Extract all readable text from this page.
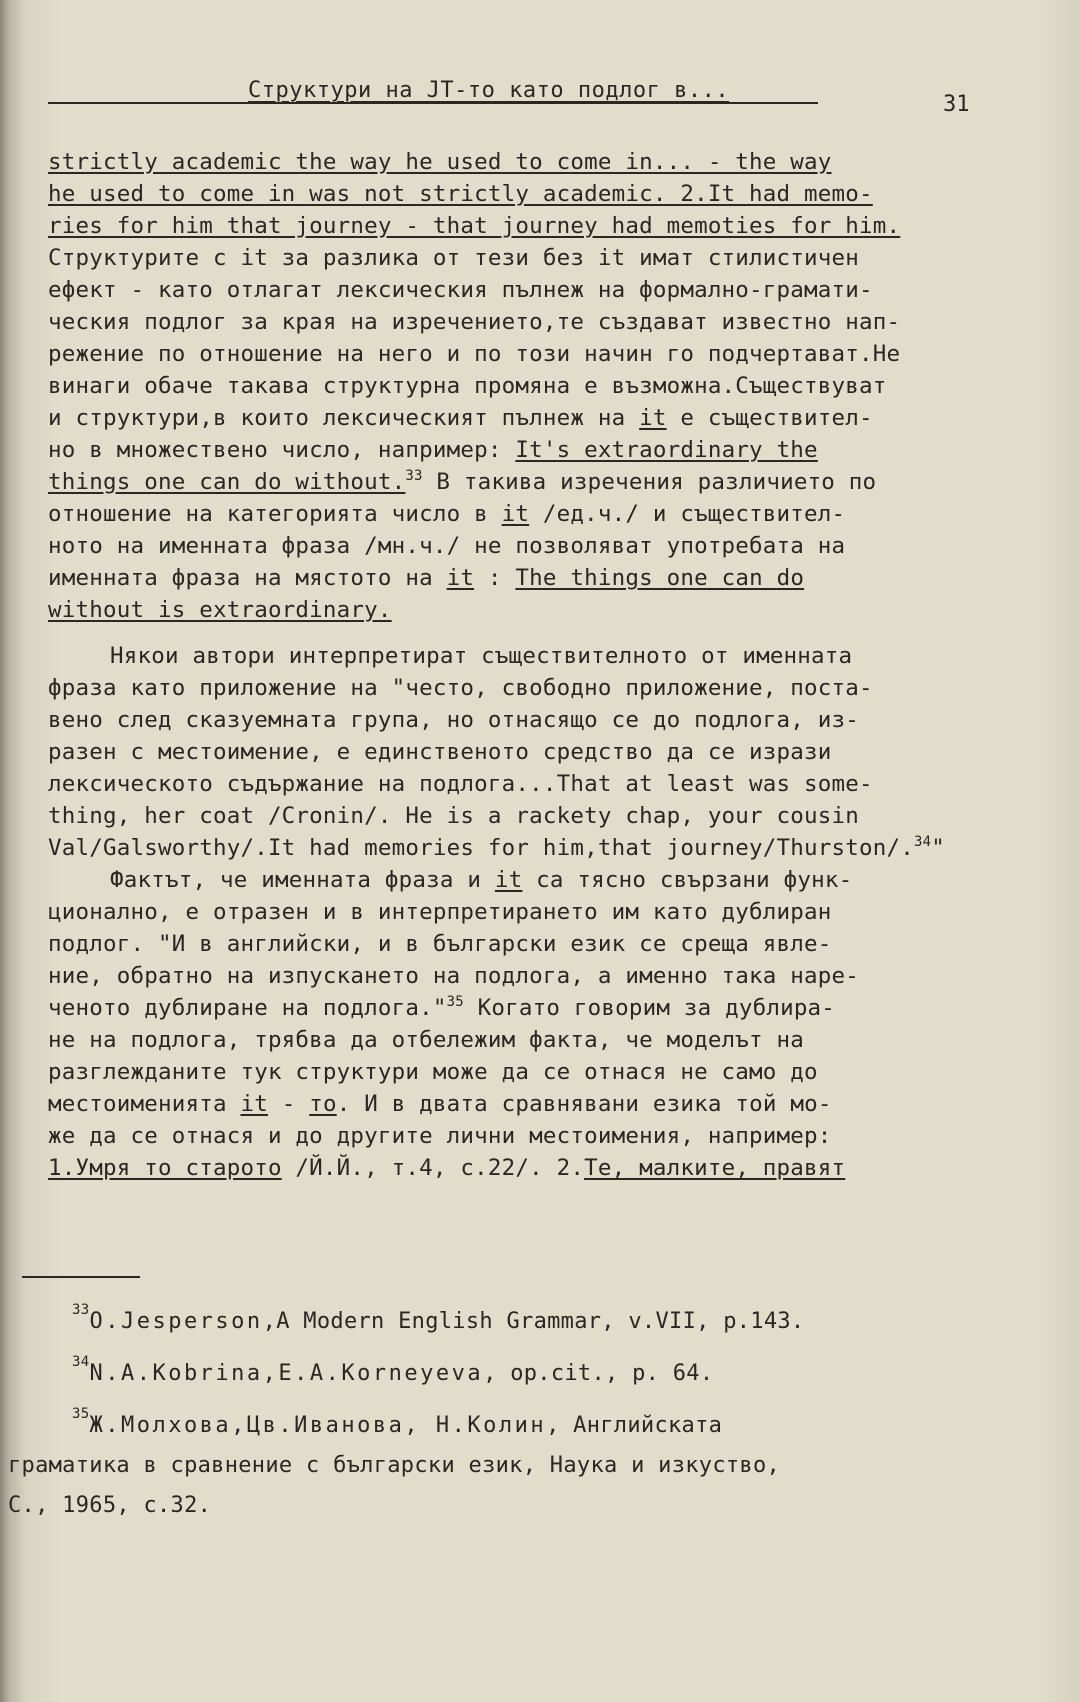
Структури на JT-то като подлог в...
31
strictly academic the way he used to come in... - the way
he used to come in was not strictly academic. 2.It had memo-
ries for him that journey - that journey had memoties for him.
Структурите с it за разлика от тези без it имат стилистичен
ефект - като отлагат лексическия пълнеж на формално-грамати-
ческия подлог за края на изречението,те създават известно нап-
режение по отношение на него и по този начин го подчертават.Не
винаги обаче такава структурна промяна е възможна.Съществуват
и структури,в които лексическият пълнеж на it е съществител-
но в множествено число, например: It's extraordinary the
things one can do without.$^{33}$ В такива изречения различието по
отношение на категорията число в it /ед.ч./ и съществител-
ното на именната фраза /мн.ч./ не позволяват употребата на
именната фраза на мястото на it : The things one can do
without is extraordinary.
Някои автори интерпретират съществителното от именната
фраза като приложение на "често, свободно приложение, поста-
вено след сказуемната група, но отнасящо се до подлога, из-
разен с местоимение, е единственото средство да се изрази
лексическото съдържание на подлога...That at least was some-
thing, her coat /Cronin/. He is a rackety chap, your cousin
Val/Galsworthy/.It had memories for him,that journey/Thurston/.$^{34}$"
Фактът, че именната фраза и it са тясно свързани функ-
ционално, е отразен и в интерпретирането им като дублиран
подлог. "И в английски, и в български език се среща явле-
ние, обратно на изпускането на подлога, а именно така наре-
ченото дублиране на подлога."$^{35}$ Когато говорим за дублира-
не на подлога, трябва да отбележим факта, че моделът на
разглежданите тук структури може да се отнася не само до
местоименията it - то. И в двата сравнявани езика той мо-
же да се отнася и до другите лични местоимения, например:
1.Умря то старото /Й.Й., т.4, с.22/. 2.Те, малките, правят
$^{33}$O.Jesperson,A Modern English Grammar, v.VII, p.143.
$^{34}$N.A.Kobrina,E.A.Korneyeva, op.cit., p. 64.
$^{35}$Ж.Молхова,Цв.Иванова, Н.Колин, Английската
граматика в сравнение с български език, Наука и изкуство,
С., 1965, с.32.
